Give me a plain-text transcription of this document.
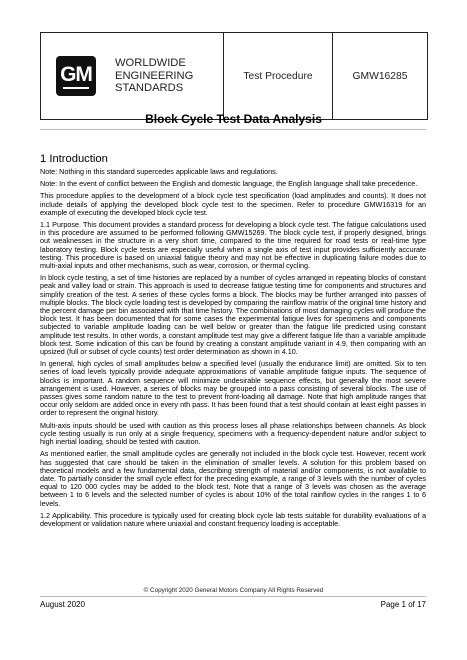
GM	WORLDWIDE
ENGINEERING
STANDARDS
Test Procedure	GMW16285
Block Cycle Test Data Analysis
1 Introduction

Note: Nothing in this standard supercedes applicable laws and regulations.

Note: In the event of conflict between the English and domestic language, the English language shall take precedence.

This procedure applies to the development of a block cycle test specification (load amplitudes and counts). It does not include details of applying the developed block cycle test to the specimen. Refer to procedure GMW16319 for an example of executing the developed block cycle test.

1.1 Purpose. This document provides a standard process for developing a block cycle test. The fatigue calculations used in this procedure are assumed to be performed following GMW15269. The block cycle test, if properly designed, brings out weaknesses in the structure in a very short time, compared to the time required for road tests or real-time type laboratory testing. Block cycle tests are especially useful when a single axis of test input provides sufficiently accurate testing. This procedure is based on uniaxial fatigue theory and may not be effective in duplicating failure modes due to multi-axial inputs and other mechanisms, such as wear, corrosion, or thermal cycling.

In block cycle testing, a set of time histories are replaced by a number of cycles arranged in repeating blocks of constant peak and valley load or strain. This approach is used to decrease fatigue testing time for components and structures and simplify creation of the test. A series of these cycles forms a block. The blocks may be further arranged into passes of multiple blocks. The block cycle loading test is developed by comparing the rainflow matrix of the original time history and the percent damage per bin associated with that time history. The combinations of most damaging cycles will produce the block test. It has been documented that for some cases the experimental fatigue lives for specimens and components subjected to variable amplitude loading can be well below or greater than the fatigue life predicted using constant amplitude test results. In other words, a constant amplitude test may give a different fatigue life than a variable amplitude block test. Some indication of this can be found by creating a constant amplitude variant in 4.9, then comparing with an upsized (full or subset of cycle counts) test order determination as shown in 4.10.

In general, high cycles of small amplitudes below a specified level (usually the endurance limit) are omitted. Six to ten series of load levels typically provide adequate approximations of variable amplitude fatigue inputs. The sequence of blocks is important. A random sequence will minimize undesirable sequence effects, but generally the most severe arrangement is used. However, a series of blocks may be grouped into a pass consisting of several blocks. The use of passes gives some random nature to the test to prevent front-loading all damage. Note that high amplitude ranges that occur only seldom are added once in every nth pass. It has been found that a test should contain at least eight passes in order to represent the original history.

Multi-axis inputs should be used with caution as this process loses all phase relationships between channels. As block cycle testing usually is run only at a single frequency, specimens with a frequency-dependent nature and/or subject to high inertial loading, should be tested with caution.

As mentioned earlier, the small amplitude cycles are generally not included in the block cycle test. However, recent work has suggested that care should be taken in the elimination of smaller levels. A solution for this problem based on theoretical models and a few fundamental data, describing strength of material and/or components, is not available to date. To partially consider the small cycle effect for the preceding example, a range of 3 levels with the number of cycles equal to 120 000 cycles may be added to the block test. Note that a range of 3 levels was chosen as the average between 1 to 6 levels and the selected number of cycles is about 10% of the total rainflow cycles in the ranges 1 to 6 levels.

1.2 Applicability. This procedure is typically used for creating block cycle lab tests suitable for durability evaluations of a development or validation nature where uniaxial and constant frequency loading is acceptable.

© Copyright 2020 General Motors Company All Rights Reserved
August 2020	Page 1 of 17
